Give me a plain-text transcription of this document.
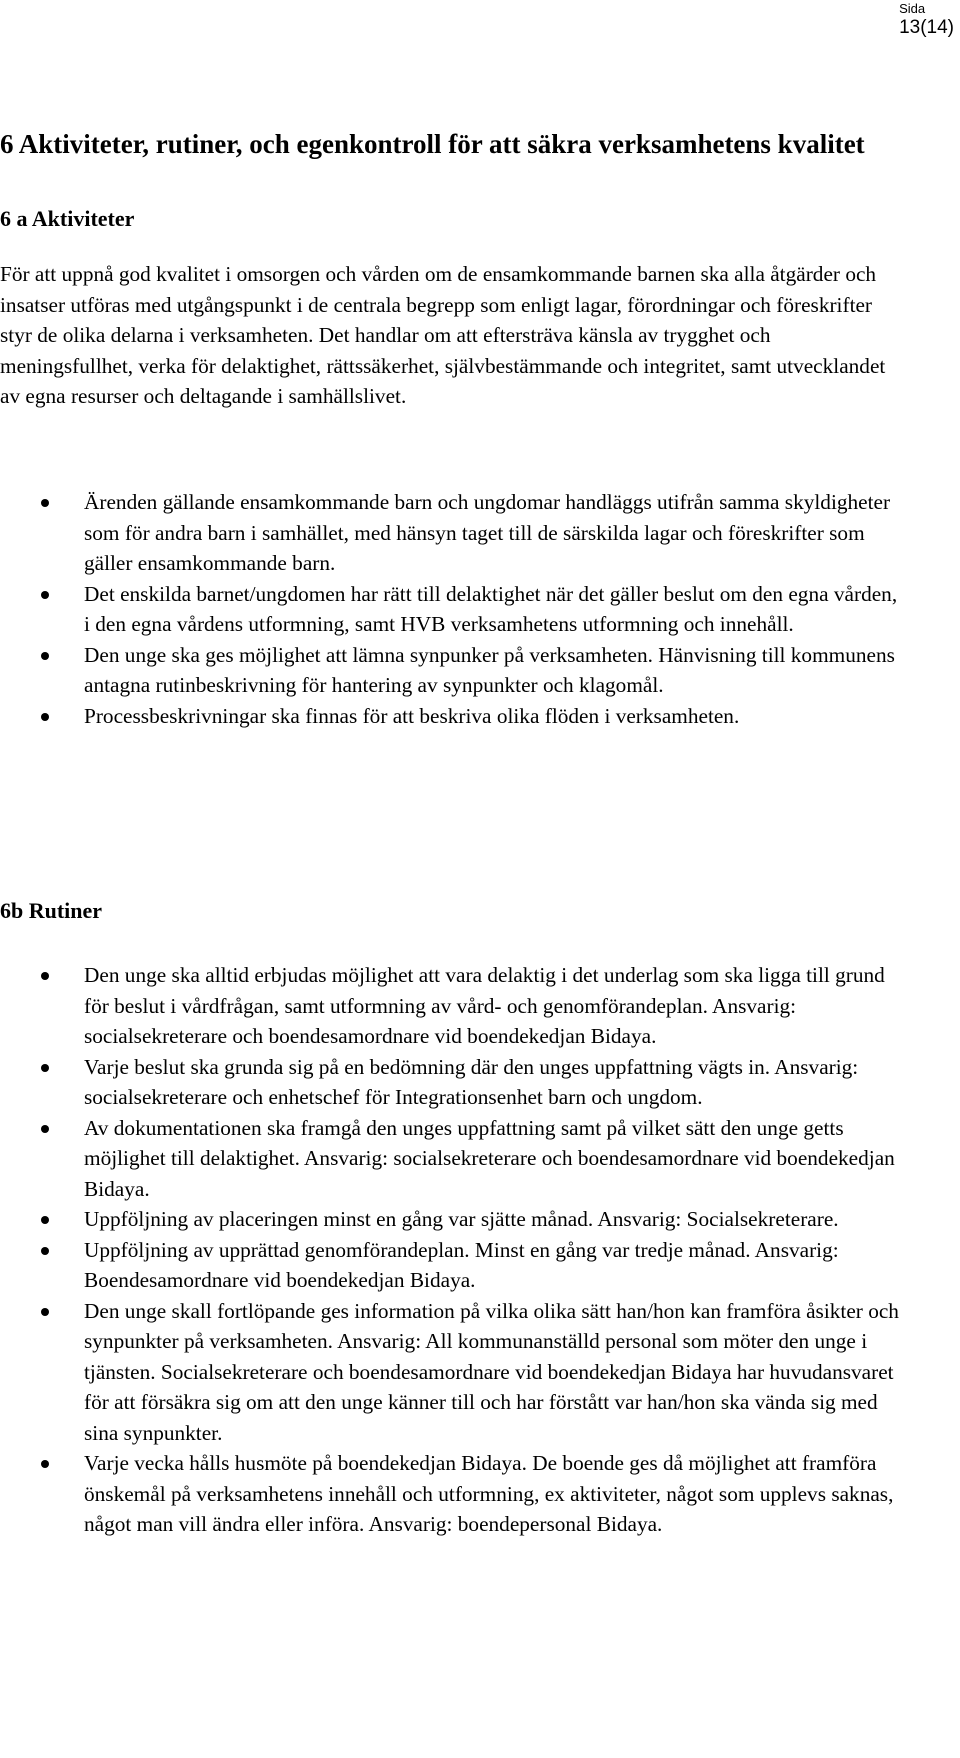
Sida
13(14)
6 Aktiviteter, rutiner, och egenkontroll för att säkra verksamhetens kvalitet
6 a Aktiviteter

För att uppnå god kvalitet i omsorgen och vården om de ensamkommande barnen ska alla åtgärder och insatser utföras med utgångspunkt i de centrala begrepp som enligt lagar, förordningar och föreskrifter styr de olika delarna i verksamheten. Det handlar om att eftersträva känsla av trygghet och meningsfullhet, verka för delaktighet, rättssäkerhet, självbestämmande och integritet, samt utvecklandet av egna resurser och deltagande i samhällslivet.

Ärenden gällande ensamkommande barn och ungdomar handläggs utifrån samma skyldigheter som för andra barn i samhället, med hänsyn taget till de särskilda lagar och föreskrifter som gäller ensamkommande barn.
Det enskilda barnet/ungdomen har rätt till delaktighet när det gäller beslut om den egna vården, i den egna vårdens utformning, samt HVB verksamhetens utformning och innehåll.
Den unge ska ges möjlighet att lämna synpunker på verksamheten. Hänvisning till kommunens antagna rutinbeskrivning för hantering av synpunkter och klagomål.
Processbeskrivningar ska finnas för att beskriva olika flöden i verksamheten.
6b Rutiner
Den unge ska alltid erbjudas möjlighet att vara delaktig i det underlag som ska ligga till grund för beslut i vårdfrågan, samt utformning av vård- och genomförandeplan. Ansvarig: socialsekreterare och boendesamordnare vid boendekedjan Bidaya.
Varje beslut ska grunda sig på en bedömning där den unges uppfattning vägts in. Ansvarig: socialsekreterare och enhetschef för Integrationsenhet barn och ungdom.
Av dokumentationen ska framgå den unges uppfattning samt på vilket sätt den unge getts möjlighet till delaktighet. Ansvarig: socialsekreterare och boendesamordnare vid boendekedjan Bidaya.
Uppföljning av placeringen minst en gång var sjätte månad. Ansvarig: Socialsekreterare.
Uppföljning av upprättad genomförandeplan. Minst en gång var tredje månad. Ansvarig: Boendesamordnare vid boendekedjan Bidaya.
Den unge skall fortlöpande ges information på vilka olika sätt han/hon kan framföra åsikter och synpunkter på verksamheten. Ansvarig: All kommunanställd personal som möter den unge i tjänsten. Socialsekreterare och boendesamordnare vid boendekedjan Bidaya har huvudansvaret för att försäkra sig om att den unge känner till och har förstått var han/hon ska vända sig med sina synpunkter.
Varje vecka hålls husmöte på boendekedjan Bidaya. De boende ges då möjlighet att framföra önskemål på verksamhetens innehåll och utformning, ex aktiviteter, något som upplevs saknas, något man vill ändra eller införa. Ansvarig: boendepersonal Bidaya.
